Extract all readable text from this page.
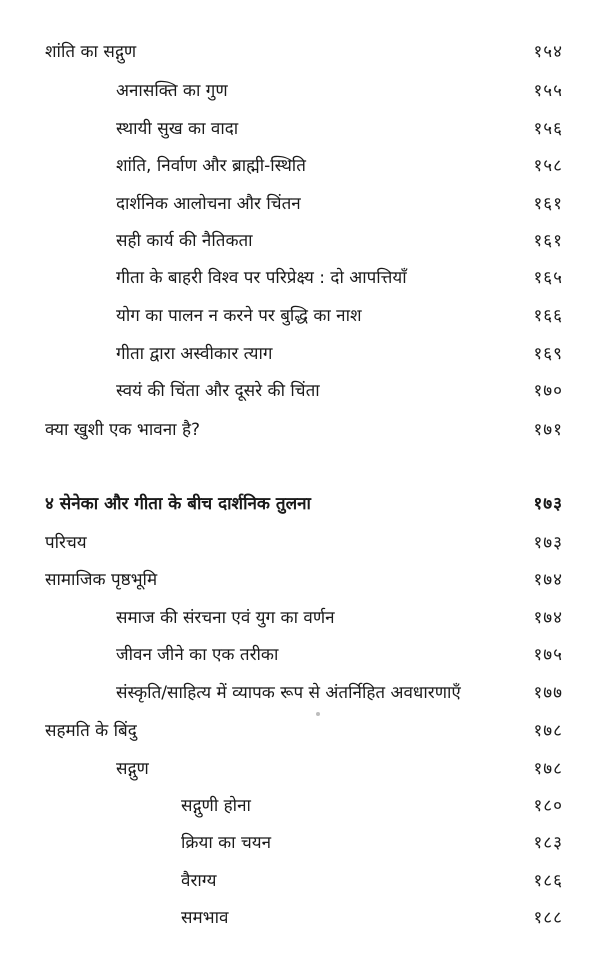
शांति का सद्गुण	१५४
अनासक्ति का गुण	१५५
स्थायी सुख का वादा	१५६
शांति, निर्वाण और ब्राह्मी-स्थिति	१५८
दार्शनिक आलोचना और चिंतन	१६१
सही कार्य की नैतिकता	१६१
गीता के बाहरी विश्व पर परिप्रेक्ष्य : दो आपत्तियाँ	१६५
योग का पालन न करने पर बुद्धि का नाश	१६६
गीता द्वारा अस्वीकार त्याग	१६९
स्वयं की चिंता और दूसरे की चिंता	१७०
क्या खुशी एक भावना है?	१७१
४ सेनेका और गीता के बीच दार्शनिक तुलना	१७३
परिचय	१७३
सामाजिक पृष्ठभूमि	१७४
समाज की संरचना एवं युग का वर्णन	१७४
जीवन जीने का एक तरीका	१७५
संस्कृति/साहित्य में व्यापक रूप से अंतर्निहित अवधारणाएँ	१७७
सहमति के बिंदु	१७८
सद्गुण	१७८
सद्गुणी होना	१८०
क्रिया का चयन	१८३
वैराग्य	१८६
समभाव	१८८
